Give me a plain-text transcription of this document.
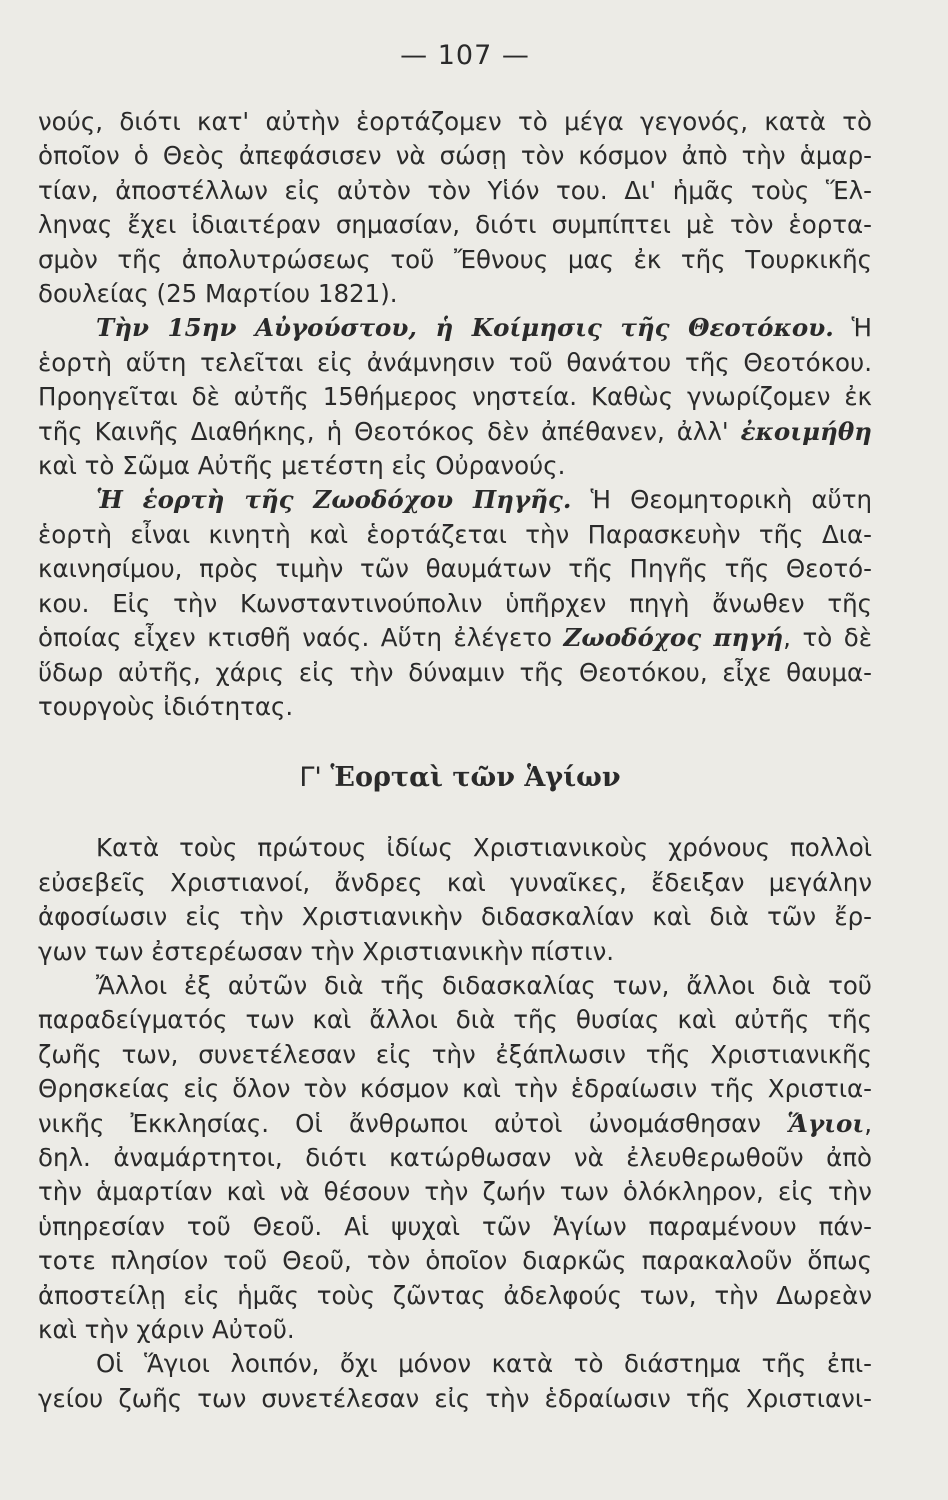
— 107 —

νούς, διότι κατ' αὐτὴν ἑορτάζομεν τὸ μέγα γεγονός, κατὰ τὸ
ὁποῖον ὁ Θεὸς ἀπεφάσισεν νὰ σώσῃ τὸν κόσμον ἀπὸ τὴν ἁμαρ-
τίαν, ἀποστέλλων εἰς αὐτὸν τὸν Υἱόν του. Δι' ἡμᾶς τοὺς Ἕλ-
ληνας ἔχει ἰδιαιτέραν σημασίαν, διότι συμπίπτει μὲ τὸν ἑορτα-
σμὸν τῆς ἀπολυτρώσεως τοῦ Ἔθνους μας ἐκ τῆς Τουρκικῆς
δουλείας (25 Μαρτίου 1821).

Τὴν 15ην Αὐγούστου, ἡ Κοίμησις τῆς Θεοτόκου. Ἡ
ἑορτὴ αὕτη τελεῖται εἰς ἀνάμνησιν τοῦ θανάτου τῆς Θεοτόκου.
Προηγεῖται δὲ αὐτῆς 15θήμερος νηστεία. Καθὼς γνωρίζομεν ἐκ
τῆς Καινῆς Διαθήκης, ἡ Θεοτόκος δὲν ἀπέθανεν, ἀλλ' ἐκοιμήθη
καὶ τὸ Σῶμα Αὐτῆς μετέστη εἰς Οὐρανούς.

Ἡ ἑορτὴ τῆς Ζωοδόχου Πηγῆς. Ἡ Θεομητορικὴ αὕτη
ἑορτὴ εἶναι κινητὴ καὶ ἑορτάζεται τὴν Παρασκευὴν τῆς Δια-
καινησίμου, πρὸς τιμὴν τῶν θαυμάτων τῆς Πηγῆς τῆς Θεοτό-
κου. Εἰς τὴν Κωνσταντινούπολιν ὑπῆρχεν πηγὴ ἄνωθεν τῆς
ὁποίας εἶχεν κτισθῆ ναός. Αὕτη ἐλέγετο Ζωοδόχος πηγή, τὸ δὲ
ὕδωρ αὐτῆς, χάρις εἰς τὴν δύναμιν τῆς Θεοτόκου, εἶχε θαυμα-
τουργοὺς ἰδιότητας.

Γ' Ἑορταὶ τῶν Ἁγίων

Κατὰ τοὺς πρώτους ἰδίως Χριστιανικοὺς χρόνους πολλοὶ
εὐσεβεῖς Χριστιανοί, ἄνδρες καὶ γυναῖκες, ἔδειξαν μεγάλην
ἀφοσίωσιν εἰς τὴν Χριστιανικὴν διδασκαλίαν καὶ διὰ τῶν ἔρ-
γων των ἐστερέωσαν τὴν Χριστιανικὴν πίστιν.

Ἄλλοι ἐξ αὐτῶν διὰ τῆς διδασκαλίας των, ἄλλοι διὰ τοῦ
παραδείγματός των καὶ ἄλλοι διὰ τῆς θυσίας καὶ αὐτῆς τῆς
ζωῆς των, συνετέλεσαν εἰς τὴν ἐξάπλωσιν τῆς Χριστιανικῆς
Θρησκείας εἰς ὅλον τὸν κόσμον καὶ τὴν ἑδραίωσιν τῆς Χριστια-
νικῆς Ἐκκλησίας. Οἱ ἄνθρωποι αὐτοὶ ὠνομάσθησαν Ἅγιοι,
δηλ. ἀναμάρτητοι, διότι κατώρθωσαν νὰ ἐλευθερωθοῦν ἀπὸ
τὴν ἁμαρτίαν καὶ νὰ θέσουν τὴν ζωήν των ὁλόκληρον, εἰς τὴν
ὑπηρεσίαν τοῦ Θεοῦ. Αἱ ψυχαὶ τῶν Ἁγίων παραμένουν πάν-
τοτε πλησίον τοῦ Θεοῦ, τὸν ὁποῖον διαρκῶς παρακαλοῦν ὅπως
ἀποστείλῃ εἰς ἡμᾶς τοὺς ζῶντας ἀδελφούς των, τὴν Δωρεὰν
καὶ τὴν χάριν Αὐτοῦ.

Οἱ Ἅγιοι λοιπόν, ὄχι μόνον κατὰ τὸ διάστημα τῆς ἐπι-
γείου ζωῆς των συνετέλεσαν εἰς τὴν ἑδραίωσιν τῆς Χριστιανι-
